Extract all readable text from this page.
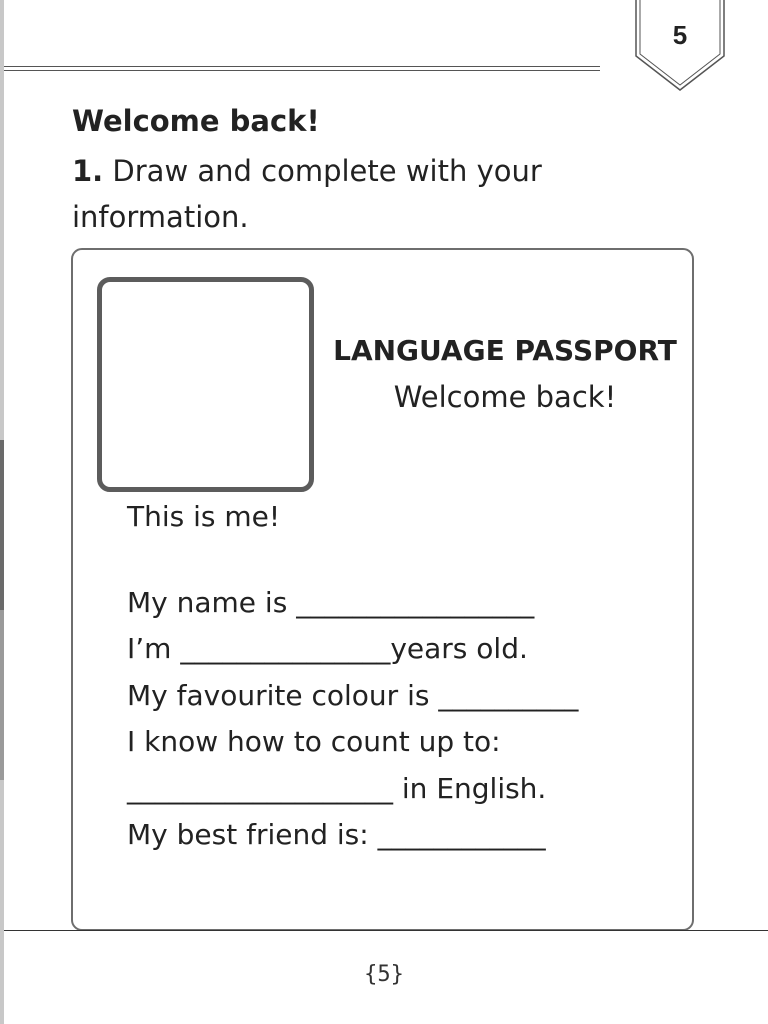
5
Welcome back!
1. Draw and complete with your information.
LANGUAGE PASSPORT
Welcome back!
This is me!
My name is _________________
I’m _______________years old.
My favourite colour is __________
I know how to count up to:
___________________ in English.
My best friend is: ____________
{5}
